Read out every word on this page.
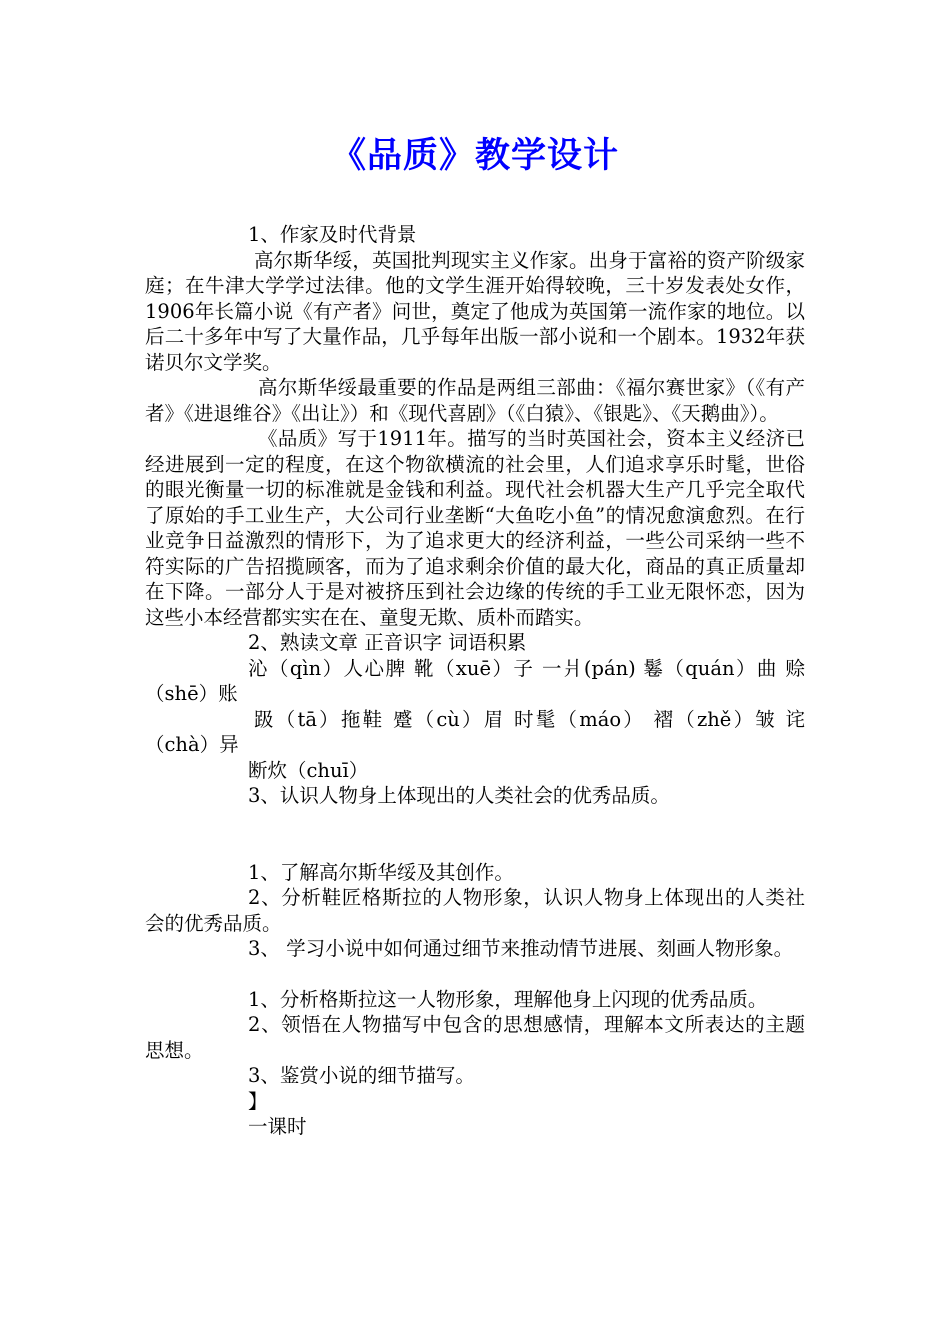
《品质》教学设计

1、作家及时代背景

高尔斯华绥，英国批判现实主义作家。出身于富裕的资产阶级家庭；在牛津大学学过法律。他的文学生涯开始得较晚，三十岁发表处女作，1906年长篇小说《有产者》问世，奠定了他成为英国第一流作家的地位。以后二十多年中写了大量作品，几乎每年出版一部小说和一个剧本。1932年获诺贝尔文学奖。

高尔斯华绥最重要的作品是两组三部曲：《福尔赛世家》（《有产者》《进退维谷》《出让》）和《现代喜剧》（《白猿》、《银匙》、《天鹅曲》）。

《品质》写于1911年。描写的当时英国社会，资本主义经济已经进展到一定的程度，在这个物欲横流的社会里，人们追求享乐时髦，世俗的眼光衡量一切的标准就是金钱和利益。现代社会机器大生产几乎完全取代了原始的手工业生产，大公司行业垄断“大鱼吃小鱼”的情况愈演愈烈。在行业竞争日益激烈的情形下，为了追求更大的经济利益，一些公司采纳一些不符实际的广告招揽顾客，而为了追求剩余价值的最大化，商品的真正质量却在下降。一部分人于是对被挤压到社会边缘的传统的手工业无限怀恋，因为这些小本经营都实实在在、童叟无欺、质朴而踏实。

2、熟读文章 正音识字 词语积累

沁（qìn）人心脾 靴（xuē）子 一爿(pán) 鬈（quán）曲 赊（shē）账

趿（tā）拖鞋 蹙（cù）眉 时髦（máo） 褶（zhě）皱 诧（chà）异

断炊（chuī）

3、认识人物身上体现出的人类社会的优秀品质。

1、了解高尔斯华绥及其创作。

2、分析鞋匠格斯拉的人物形象，认识人物身上体现出的人类社会的优秀品质。

3、 学习小说中如何通过细节来推动情节进展、刻画人物形象。

1、分析格斯拉这一人物形象，理解他身上闪现的优秀品质。

2、领悟在人物描写中包含的思想感情，理解本文所表达的主题思想。

3、鉴赏小说的细节描写。

】

一课时
